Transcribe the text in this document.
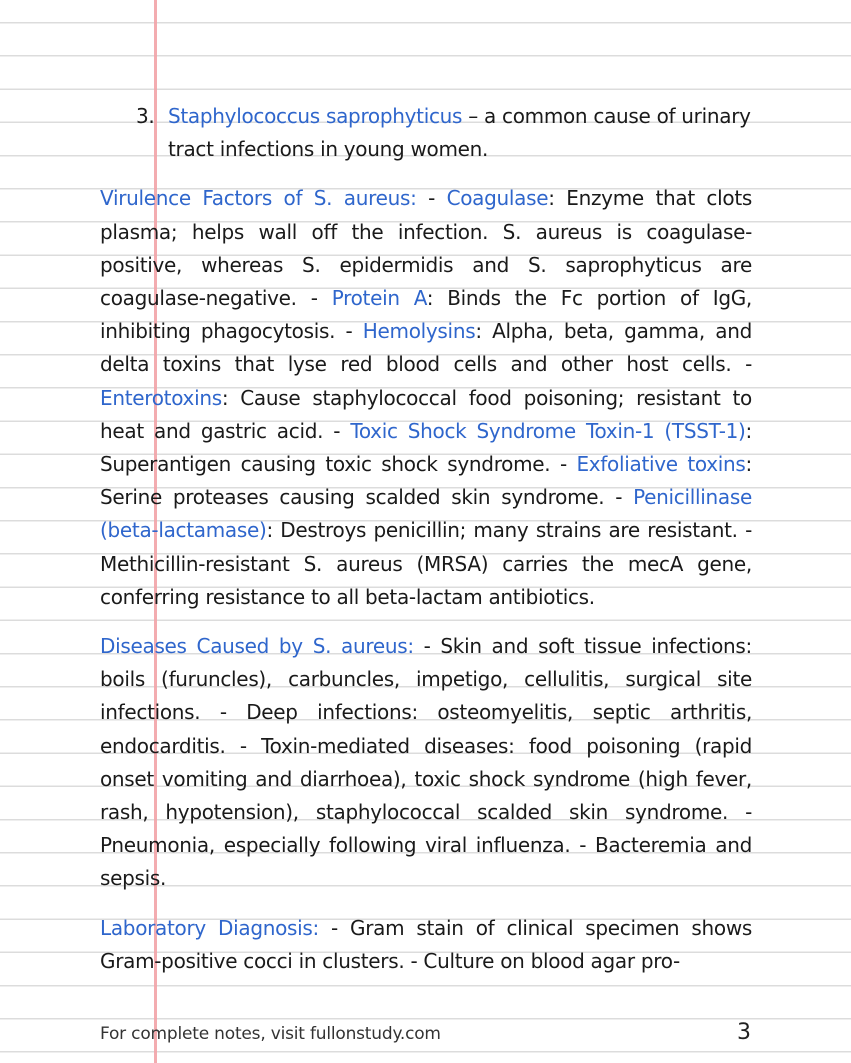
3. Staphylococcus saprophyticus – a common cause of urinary tract infections in young women.

Virulence Factors of S. aureus: - Coagulase: Enzyme that clots plasma; helps wall off the infection. S. aureus is coagulase-positive, whereas S. epidermidis and S. saprophyticus are coagulase-negative. - Protein A: Binds the Fc portion of IgG, inhibiting phagocytosis. - Hemolysins: Alpha, beta, gamma, and delta toxins that lyse red blood cells and other host cells. - Enterotoxins: Cause staphylococcal food poisoning; resistant to heat and gastric acid. - Toxic Shock Syndrome Toxin-1 (TSST-1): Superantigen causing toxic shock syndrome. - Exfoliative toxins: Serine proteases causing scalded skin syndrome. - Penicillinase (beta-lactamase): Destroys penicillin; many strains are resistant. - Methicillin-resistant S. aureus (MRSA) carries the mecA gene, conferring resistance to all beta-lactam antibiotics.

Diseases Caused by S. aureus: - Skin and soft tissue infections: boils (furuncles), carbuncles, impetigo, cellulitis, surgical site infections. - Deep infections: osteomyelitis, septic arthritis, endocarditis. - Toxin-mediated diseases: food poisoning (rapid onset vomiting and diarrhoea), toxic shock syndrome (high fever, rash, hypotension), staphylococcal scalded skin syndrome. - Pneumonia, especially following viral influenza. - Bacteremia and sepsis.

Laboratory Diagnosis: - Gram stain of clinical specimen shows Gram-positive cocci in clusters. - Culture on blood agar pro-

For complete notes, visit fullonstudy.com	3
